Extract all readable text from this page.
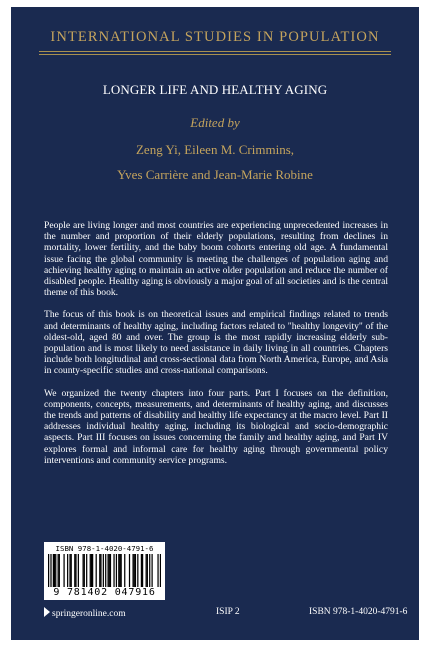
INTERNATIONAL STUDIES IN POPULATION
LONGER LIFE AND HEALTHY AGING
Edited by
Zeng Yi, Eileen M. Crimmins,
Yves Carrière and Jean-Marie Robine

People are living longer and most countries are experiencing unprecedented increases in the number and proportion of their elderly populations, resulting from declines in mortality, lower fertility, and the baby boom cohorts entering old age. A fundamental issue facing the global community is meeting the challenges of population aging and achieving healthy aging to maintain an active older population and reduce the number of disabled people. Healthy aging is obviously a major goal of all societies and is the central theme of this book.

The focus of this book is on theoretical issues and empirical findings related to trends and determinants of healthy aging, including factors related to "healthy longevity" of the oldest-old, aged 80 and over. The group is the most rapidly increasing elderly sub-population and is most likely to need assistance in daily living in all countries. Chapters include both longitudinal and cross-sectional data from North America, Europe, and Asia in county-specific studies and cross-national comparisons.

We organized the twenty chapters into four parts. Part I focuses on the definition, components, concepts, measurements, and determinants of healthy aging, and discusses the trends and patterns of disability and healthy life expectancy at the macro level. Part II addresses individual healthy aging, including its biological and socio-demographic aspects. Part III focuses on issues concerning the family and healthy aging, and Part IV explores formal and informal care for healthy aging through governmental policy interventions and community service programs.

ISBN 978-1-4020-4791-6
9 781402 047916
springeronline.com	ISIP 2	ISBN 978-1-4020-4791-6
